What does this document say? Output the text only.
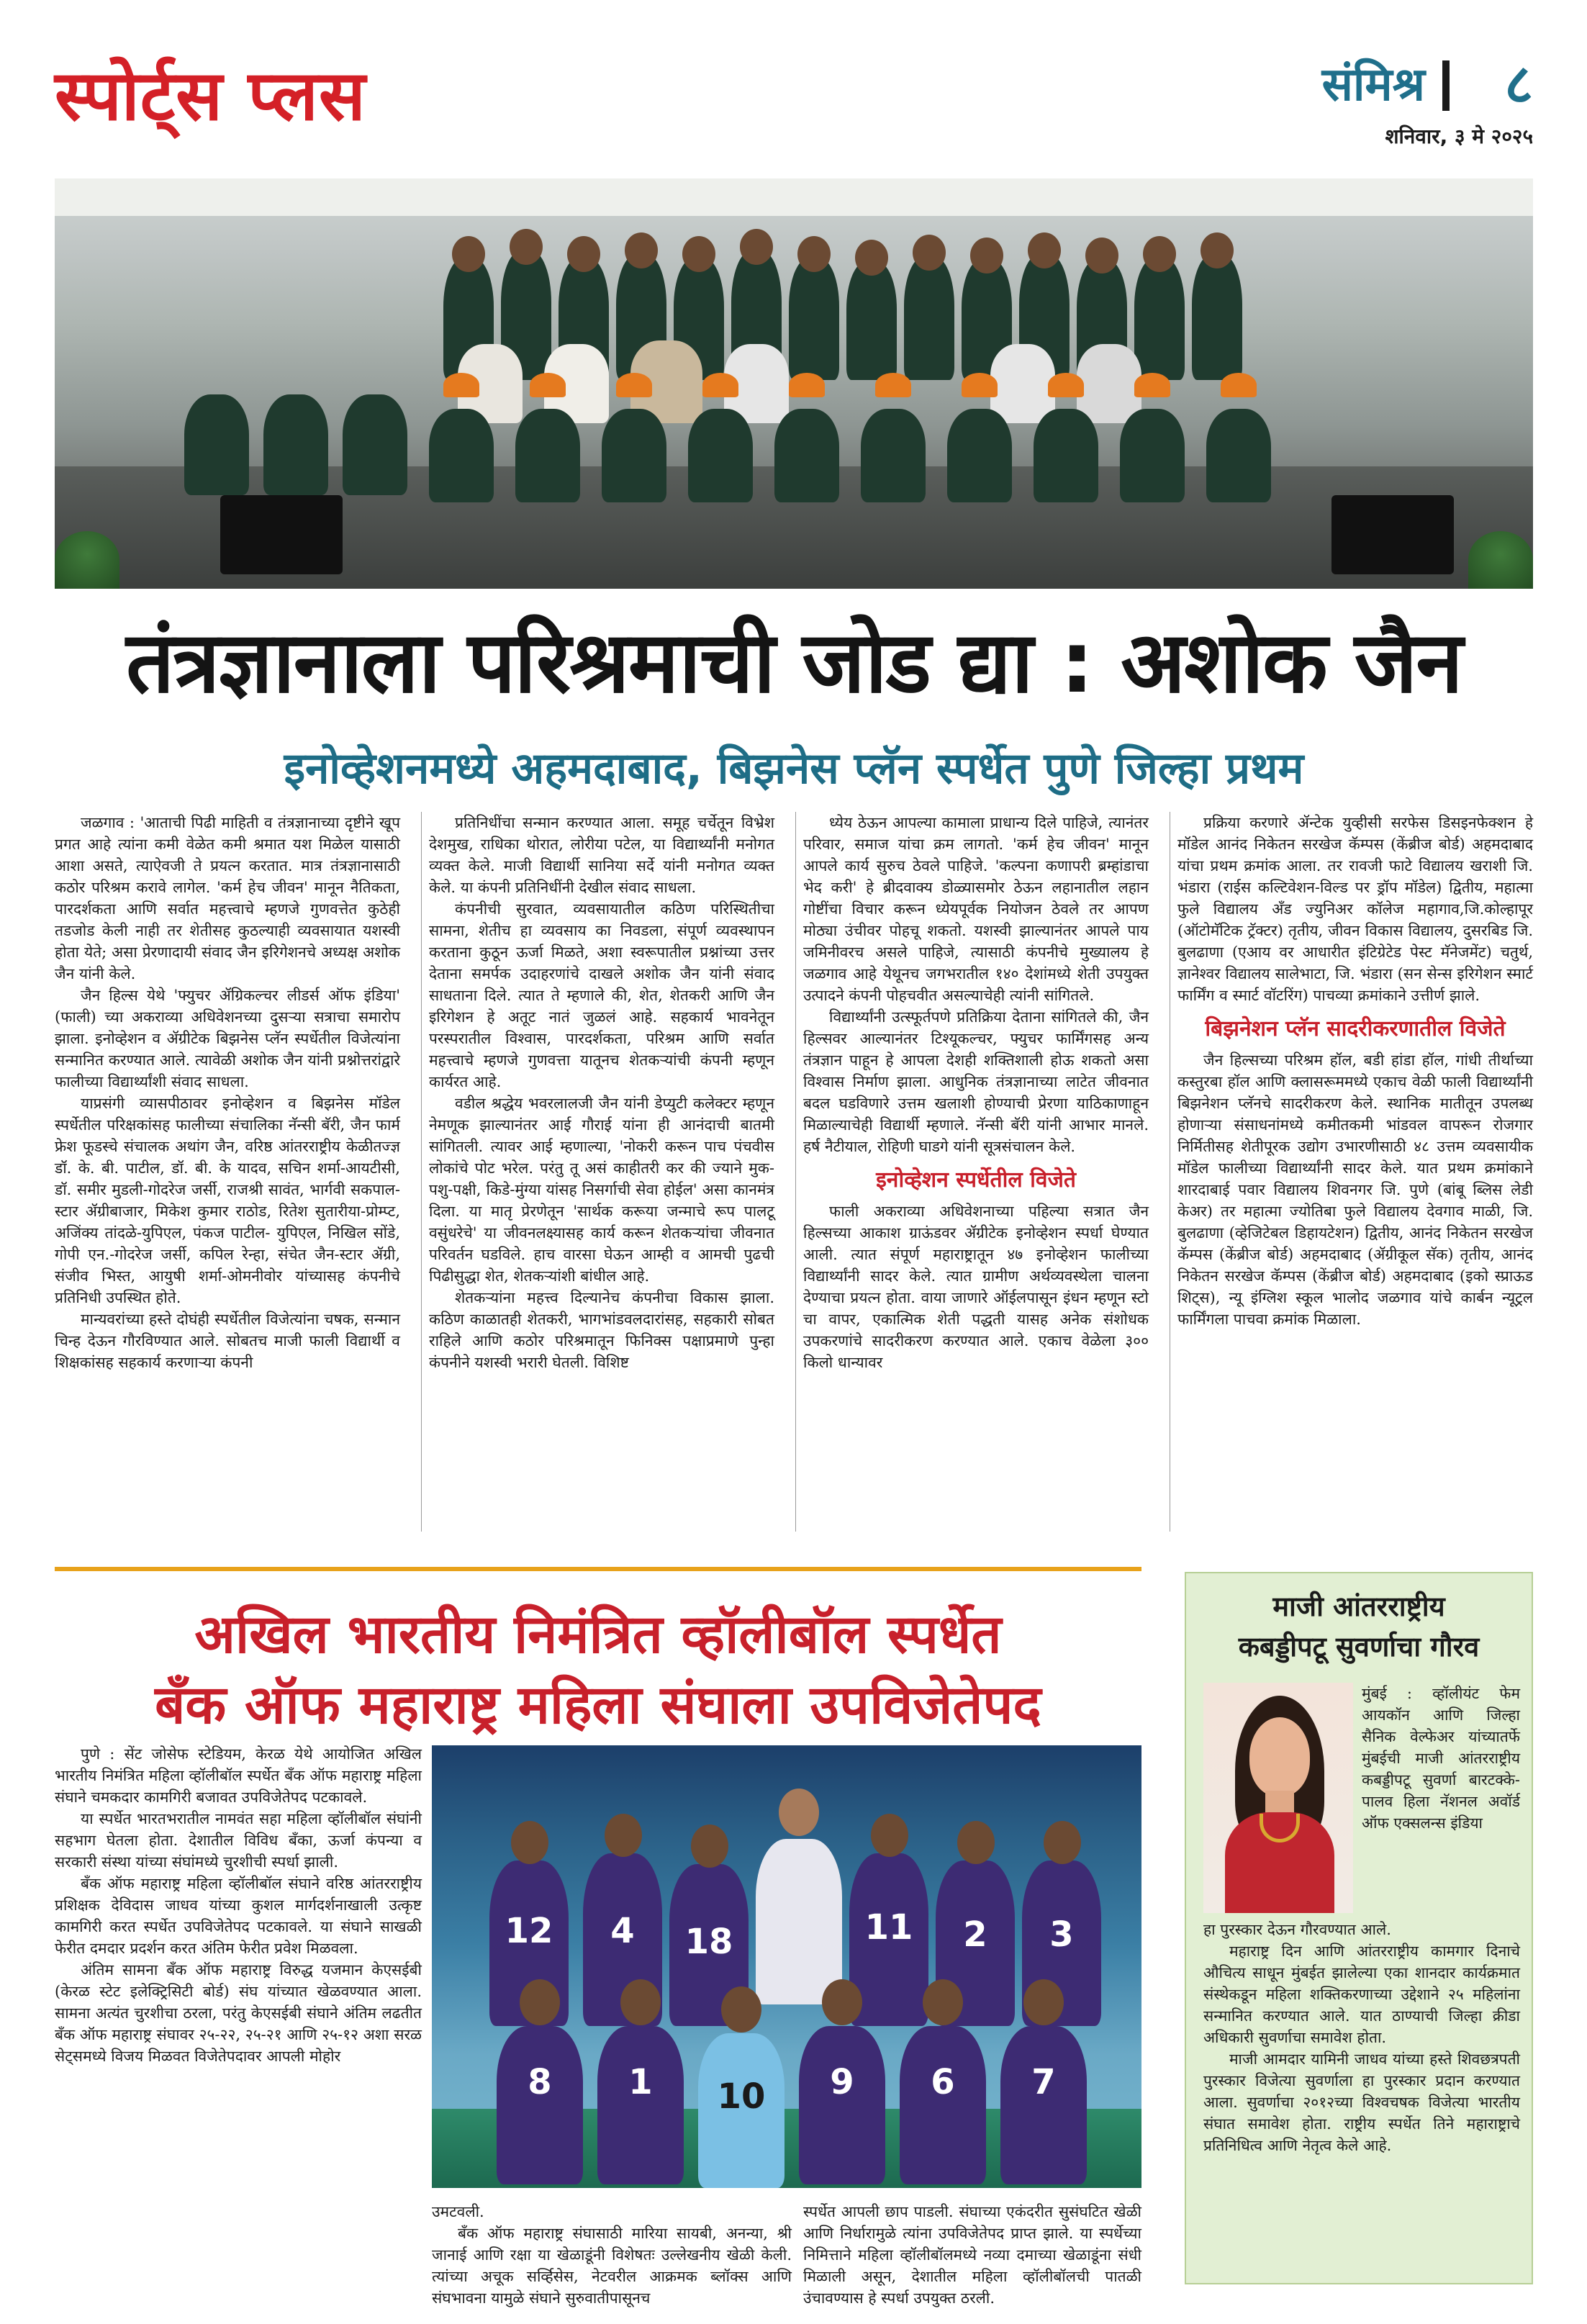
स्पोर्ट्स प्लस	संमिश्र ८
शनिवार, ३ मे २०२५
तंत्रज्ञानाला परिश्रमाची जोड द्या : अशोक जैन
इनोव्हेशनमध्ये अहमदाबाद, बिझनेस प्लॅन स्पर्धेत पुणे जिल्हा प्रथम

जळगाव : 'आताची पिढी माहिती व तंत्रज्ञानाच्या दृष्टीने खूप प्रगत आहे त्यांना कमी वेळेत कमी श्रमात यश मिळेल यासाठी आशा असते, त्याऐवजी ते प्रयत्न करतात. मात्र तंत्रज्ञानासाठी कठोर परिश्रम करावे लागेल. 'कर्म हेच जीवन' मानून नैतिकता, पारदर्शकता आणि सर्वात महत्त्वाचे म्हणजे गुणवत्तेत कुठेही तडजोड केली नाही तर शेतीसह कुठल्याही व्यवसायात यशस्वी होता येते; असा प्रेरणादायी संवाद जैन इरिगेशनचे अध्यक्ष अशोक जैन यांनी केले.

जैन हिल्स येथे 'फ्युचर ॲग्रिकल्चर लीडर्स ऑफ इंडिया' (फाली) च्या अकराव्या अधिवेशनच्या दुसऱ्या सत्राचा समारोप झाला. इनोव्हेशन व ॲग्रीटेक बिझनेस प्लॅन स्पर्धेतील विजेत्यांना सन्मानित करण्यात आले. त्यावेळी अशोक जैन यांनी प्रश्नोत्तरांद्वारे फालीच्या विद्यार्थ्यांशी संवाद साधला.

याप्रसंगी व्यासपीठावर इनोव्हेशन व बिझनेस मॉडेल स्पर्धेतील परिक्षकांसह फालीच्या संचालिका नॅन्सी बॅरी, जैन फार्म फ्रेश फूडस्चे संचालक अथांग जैन, वरिष्ठ आंतरराष्ट्रीय केळीतज्ज्ञ डॉ. के. बी. पाटील, डॉ. बी. के यादव, सचिन शर्मा-आयटीसी, डॉ. समीर मुडली-गोदरेज जर्सी, राजश्री सावंत, भार्गवी सकपाल-स्टार ॲग्रीबाजार, मिकेश कुमार राठोड, रितेश सुतारीया-प्रोम्प्ट, अजिंक्य तांदळे-युपिएल, पंकज पाटील- युपिएल, निखिल सोंडे, गोपी एन.-गोदरेज जर्सी, कपिल रेन्हा, संचेत जैन-स्टार ॲग्री, संजीव भिस्त, आयुषी शर्मा-ओमनीवोर यांच्यासह कंपनीचे प्रतिनिधी उपस्थित होते.

मान्यवरांच्या हस्ते दोघंही स्पर्धेतील विजेत्यांना चषक, सन्मान चिन्ह देऊन गौरविण्यात आले. सोबतच माजी फाली विद्यार्थी व शिक्षकांसह सहकार्य करणाऱ्या कंपनी

प्रतिनिधींचा सन्मान करण्यात आला. समूह चर्चेतून विभ्रेश देशमुख, राधिका थोरात, लोरीया पटेल, या विद्यार्थ्यांनी मनोगत व्यक्त केले. माजी विद्यार्थी सानिया सर्दे यांनी मनोगत व्यक्त केले. या कंपनी प्रतिनिधींनी देखील संवाद साधला.

कंपनीची सुरवात, व्यवसायातील कठिण परिस्थितीचा सामना, शेतीच हा व्यवसाय का निवडला, संपूर्ण व्यवस्थापन करताना कुठून ऊर्जा मिळते, अशा स्वरूपातील प्रश्नांच्या उत्तर देताना समर्पक उदाहरणांचे दाखले अशोक जैन यांनी संवाद साधताना दिले. त्यात ते म्हणाले की, शेत, शेतकरी आणि जैन इरिगेशन हे अतूट नातं जुळलं आहे. सहकार्य भावनेतून परस्परातील विश्वास, पारदर्शकता, परिश्रम आणि सर्वात महत्त्वाचे म्हणजे गुणवत्ता यातूनच शेतकऱ्यांची कंपनी म्हणून कार्यरत आहे.

वडील श्रद्धेय भवरलालजी जैन यांनी डेप्युटी कलेक्टर म्हणून नेमणूक झाल्यानंतर आई गौराई यांना ही आनंदाची बातमी सांगितली. त्यावर आई म्हणाल्या, 'नोकरी करून पाच पंचवीस लोकांचे पोट भरेल. परंतु तू असं काहीतरी कर की ज्याने मुक- पशु-पक्षी, किडे-मुंग्या यांसह निसर्गाची सेवा होईल' असा कानमंत्र दिला. या मातृ प्रेरणेतून 'सार्थक करूया जन्माचे रूप पालटू वसुंधरेचे' या जीवनलक्ष्यासह कार्य करून शेतकऱ्यांचा जीवनात परिवर्तन घडविले. हाच वारसा घेऊन आम्ही व आमची पुढची पिढीसुद्धा शेत, शेतकऱ्यांशी बांधील आहे.

शेतकऱ्यांना महत्त्व दिल्यानेच कंपनीचा विकास झाला. कठिण काळातही शेतकरी, भागभांडवलदारांसह, सहकारी सोबत राहिले आणि कठोर परिश्रमातून फिनिक्स पक्षाप्रमाणे पुन्हा कंपनीने यशस्वी भरारी घेतली. विशिष्ट

ध्येय ठेऊन आपल्या कामाला प्राधान्य दिले पाहिजे, त्यानंतर परिवार, समाज यांचा क्रम लागतो. 'कर्म हेच जीवन' मानून आपले कार्य सुरुच ठेवले पाहिजे. 'कल्पना कणापरी ब्रम्हांडाचा भेद करी' हे ब्रीदवाक्य डोळ्यासमोर ठेऊन लहानातील लहान गोष्टींचा विचार करून ध्येयपूर्वक नियोजन ठेवले तर आपण मोठ्या उंचीवर पोहचू शकतो. यशस्वी झाल्यानंतर आपले पाय जमिनीवरच असले पाहिजे, त्यासाठी कंपनीचे मुख्यालय हे जळगाव आहे येथूनच जगभरातील १४० देशांमध्ये शेती उपयुक्त उत्पादने कंपनी पोहचवीत असल्याचेही त्यांनी सांगितले.

विद्यार्थ्यांनी उत्स्फूर्तपणे प्रतिक्रिया देताना सांगितले की, जैन हिल्सवर आल्यानंतर टिश्यूकल्चर, फ्युचर फार्मिंगसह अन्य तंत्रज्ञान पाहून हे आपला देशही शक्तिशाली होऊ शकतो असा विश्वास निर्माण झाला. आधुनिक तंत्रज्ञानाच्या लाटेत जीवनात बदल घडविणारे उत्तम खलाशी होण्याची प्रेरणा याठिकाणाहून मिळाल्याचेही विद्यार्थी म्हणाले. नॅन्सी बॅरी यांनी आभार मानले. हर्ष नैटीयाल, रोहिणी घाडगे यांनी सूत्रसंचालन केले.

इनोव्हेशन स्पर्धेतील विजेते

फाली अकराव्या अधिवेशनाच्या पहिल्या सत्रात जैन हिल्सच्या आकाश ग्राऊंडवर ॲग्रीटेक इनोव्हेशन स्पर्धा घेण्यात आली. त्यात संपूर्ण महाराष्ट्रातून ४७ इनोव्हेशन फालीच्या विद्यार्थ्यांनी सादर केले. त्यात ग्रामीण अर्थव्यवस्थेला चालना देण्याचा प्रयत्न होता. वाया जाणारे ऑईलपासून इंधन म्हणून स्टो चा वापर, एकात्मिक शेती पद्धती यासह अनेक संशोधक उपकरणांचे सादरीकरण करण्यात आले. एकाच वेळेला ३०० किलो धान्यावर

प्रक्रिया करणारे ॲन्टेक युव्हीसी सरफेस डिसइनफेक्शन हे मॉडेल आनंद निकेतन सरखेज कॅम्पस (केंब्रीज बोर्ड) अहमदाबाद यांचा प्रथम क्रमांक आला. तर रावजी फाटे विद्यालय खराशी जि. भंडारा (राईस कल्टिवेशन-विल्ड पर ड्रॉप मॉडेल) द्वितीय, महात्मा फुले विद्यालय ॲंड ज्युनिअर कॉलेज महागाव,जि.कोल्हापूर (ऑटोमॅटिक ट्रॅक्टर) तृतीय, जीवन विकास विद्यालय, दुसरबिड जि. बुलढाणा (एआय वर आधारीत इंटिग्रेटेड पेस्ट मॅनेजमेंट) चतुर्थ, ज्ञानेश्वर विद्यालय सालेभाटा, जि. भंडारा (सन सेन्स इरिगेशन स्मार्ट फार्मिंग व स्मार्ट वॉटरिंग) पाचव्या क्रमांकाने उत्तीर्ण झाले.

बिझनेशन प्लॅन सादरीकरणातील विजेते

जैन हिल्सच्या परिश्रम हॉल, बडी हांडा हॉल, गांधी तीर्थाच्या कस्तुरबा हॉल आणि क्लासरूममध्ये एकाच वेळी फाली विद्यार्थ्यांनी बिझनेशन प्लॅनचे सादरीकरण केले. स्थानिक मातीतून उपलब्ध होणाऱ्या संसाधनांमध्ये कमीतकमी भांडवल वापरून रोजगार निर्मितीसह शेतीपूरक उद्योग उभारणीसाठी ४८ उत्तम व्यवसायीक मॉडेल फालीच्या विद्यार्थ्यांनी सादर केले. यात प्रथम क्रमांकाने शारदाबाई पवार विद्यालय शिवनगर जि. पुणे (बांबू ब्लिस लेडी केअर) तर महात्मा ज्योतिबा फुले विद्यालय देवगाव माळी, जि. बुलढाणा (व्हेजिटेबल डिहायटेशन) द्वितीय, आनंद निकेतन सरखेज कॅम्पस (केंब्रीज बोर्ड) अहमदाबाद (ॲग्रीकूल सॅक) तृतीय, आनंद निकेतन सरखेज कॅम्पस (केंब्रीज बोर्ड) अहमदाबाद (इको स्प्राऊड शिट्स), न्यू इंग्लिश स्कूल भालोद जळगाव यांचे कार्बन न्यूट्रल फार्मिंगला पाचवा क्रमांक मिळाला.

अखिल भारतीय निमंत्रित व्हॉलीबॉल स्पर्धेत
बँक ऑफ महाराष्ट्र महिला संघाला उपविजेतेपद

पुणे : सेंट जोसेफ स्टेडियम, केरळ येथे आयोजित अखिल भारतीय निमंत्रित महिला व्हॉलीबॉल स्पर्धेत बँक ऑफ महाराष्ट्र महिला संघाने चमकदार कामगिरी बजावत उपविजेतेपद पटकावले.

या स्पर्धेत भारतभरातील नामवंत सहा महिला व्हॉलीबॉल संघांनी सहभाग घेतला होता. देशातील विविध बँका, ऊर्जा कंपन्या व सरकारी संस्था यांच्या संघांमध्ये चुरशीची स्पर्धा झाली.

बँक ऑफ महाराष्ट्र महिला व्हॉलीबॉल संघाने वरिष्ठ आंतरराष्ट्रीय प्रशिक्षक देविदास जाधव यांच्या कुशल मार्गदर्शनाखाली उत्कृष्ट कामगिरी करत स्पर्धेत उपविजेतेपद पटकावले. या संघाने साखळी फेरीत दमदार प्रदर्शन करत अंतिम फेरीत प्रवेश मिळवला.

अंतिम सामना बँक ऑफ महाराष्ट्र विरुद्ध यजमान केएसईबी (केरळ स्टेट इलेक्ट्रिसिटी बोर्ड) संघ यांच्यात खेळवण्यात आला. सामना अत्यंत चुरशीचा ठरला, परंतु केएसईबी संघाने अंतिम लढतीत बँक ऑफ महाराष्ट्र संघावर २५-२२, २५-२१ आणि २५-१२ अशा सरळ सेट्समध्ये विजय मिळवत विजेतेपदावर आपली मोहोर

12	4	18	11	2	3
8	1	10	9	6	7

उमटवली.

बँक ऑफ महाराष्ट्र संघासाठी मारिया सायबी, अनन्या, श्री जानाई आणि रक्षा या खेळाडूंनी विशेषतः उल्लेखनीय खेळी केली. त्यांच्या अचूक सर्व्हिसेस, नेटवरील आक्रमक ब्लॉक्स आणि संघभावना यामुळे संघाने सुरुवातीपासूनच

स्पर्धेत आपली छाप पाडली. संघाच्या एकंदरीत सुसंघटित खेळी आणि निर्धारामुळे त्यांना उपविजेतेपद प्राप्त झाले. या स्पर्धेच्या निमित्ताने महिला व्हॉलीबॉलमध्ये नव्या दमाच्या खेळाडूंना संधी मिळाली असून, देशातील महिला व्हॉलीबॉलची पातळी उंचावण्यास हे स्पर्धा उपयुक्त ठरली.

माजी आंतरराष्ट्रीय
कबड्डीपटू सुवर्णाचा गौरव
मुंबई : व्हॉलीयंट फेम आयकॉन आणि जिल्हा सैनिक वेल्फेअर यांच्यातर्फे मुंबईची माजी आंतरराष्ट्रीय कबड्डीपटू सुवर्णा बारटक्के-पालव हिला नॅशनल अवॉर्ड ऑफ एक्सलन्स इंडिया

हा पुरस्कार देऊन गौरवण्यात आले.

महाराष्ट्र दिन आणि आंतरराष्ट्रीय कामगार दिनाचे औचित्य साधून मुंबईत झालेल्या एका शानदार कार्यक्रमात संस्थेकडून महिला शक्तिकरणाच्या उद्देशाने २५ महिलांना सन्मानित करण्यात आले. यात ठाण्याची जिल्हा क्रीडा अधिकारी सुवर्णाचा समावेश होता.

माजी आमदार यामिनी जाधव यांच्या हस्ते शिवछत्रपती पुरस्कार विजेत्या सुवर्णाला हा पुरस्कार प्रदान करण्यात आला. सुवर्णाचा २०१२च्या विश्वचषक विजेत्या भारतीय संघात समावेश होता. राष्ट्रीय स्पर्धेत तिने महाराष्ट्राचे प्रतिनिधित्व आणि नेतृत्व केले आहे.
